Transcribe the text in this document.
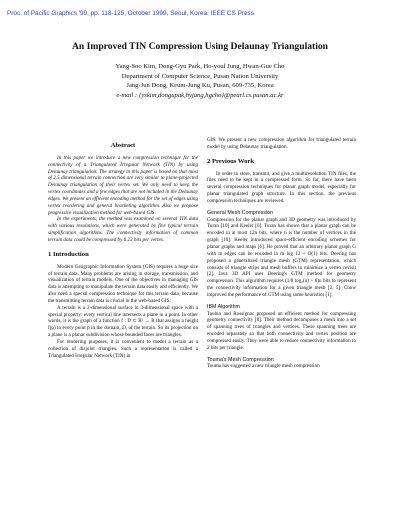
Proc. of Pacific Graphics '99, pp. 118-125, October 1999, Seoul, Korea. IEEE CS Press.
An Improved TIN Compression Using Delaunay Triangulation
Yang-Soo Kim, Dong-Gyu Park, Ho-youl Jung, Hwan-Gue Cho
Department of Computer Science, Pusan Nation University
Jang-Jun Dong, Keum-Jung Ku, Pusan, 609-735, Korea
e-mail : {yskim,dongupak,hyjung,hgcho}@pearl.cs.pusan.ac.kr
Abstract

In this paper we introduce a new compression technique for the connectivity of a Triangulated Irregular Network (TIN) by using Delaunay triangulation. The strategy in this paper is based on that most of 2.5 dimensional terrain connection are very similar to plane-projected Delaunay triangulation of their vertex set. We only need to keep the vertex coordinates and a few edges that are not included in the Delaunay edges. We present an efficient encoding method for the set of edges using vertex reordering and general bracketing algorithm. Also we propose progressive visualization method for web-based GIS.

In the experiments, the method was examined on several TIN data with various resolutions, which were generated by five typical terrain simplification algorithms. The connectivity information of common terrain data could be compressed by 0.23 bits per vertex.

1 Introduction

Modern Geographic Information System (GIS) requires a huge size of terrain data. Many problems are arising in storage, transmission, and visualization of terrain models. One of the objectives in managing GIS data is attempting to manipulate the terrain data easily and efficiently. We also need a special compression technique for this terrain data, because the transmitting terrain data is crucial in the web-based GIS.

A terrain is a 2-dimensional surface in 3-dimensional space with a special property: every vertical line intersects a plane in a point. In other words, it is the graph of a function f : D ⊂ R² → R that assigns a height f(p) to every point p in the domain, D, of the terrain. So its projection on a plane is a planar subdivision whose bounded faces are triangles.

For rendering purposes, it is convenient to model a terrain as a collection of disjoint triangles. Such a representation is called a Triangulated Irregular Network (TIN) in

GIS. We present a new compression algorithm for triangulated terrain model by using Delaunay triangulation.

2 Previous Work

In order to store, transmit, and give a multiresolution TIN files, the files need to be kept in a compressed form. So far, there have been several compression techniques for planar graph model, especially for planar triangulated graph structure. In this section, the previous compression techniques are reviewed.

General Mesh Compression

Compression for the planar graph and 3D geometry was introduced by Turan [10] and Keeler [6]. Turan has shown that a planar graph can be encoded in at most 12n bits, where n is the number of vertices in the graph [10]. Keeler introduced space-efficient encoding schemes for planar graphs and maps [6]. He proved that an arbitrary planar graph G with m edges can be encoded in m log 12 + O(1) bits. Deering has proposed a generalized triangle mesh (GTM) representation, which consists of triangle strips and mesh buffers to minimize a vertex revisit [2]. Java 3D API uses Deering's GTM method for geometry compression. This algorithm requires (1/8 log₂(n) + 8)n bits to represent the connectivity information for a given triangle mesh [2, 5]. Chow improved the performance of GTM using some heuristics [1].

IBM Algorithm

Taubin and Rossignac proposed an efficient method for compressing geometry connectivity [8]. Their method decomposes a mesh into a set of spanning trees of triangles and vertices. These spanning trees are encoded separately so that both connectivity and vertex position are compressed easily. They were able to reduce connectivity information to 2 bits per triangle.

Touma's Mesh Compression

Touma has suggested a new triangle mesh compression
